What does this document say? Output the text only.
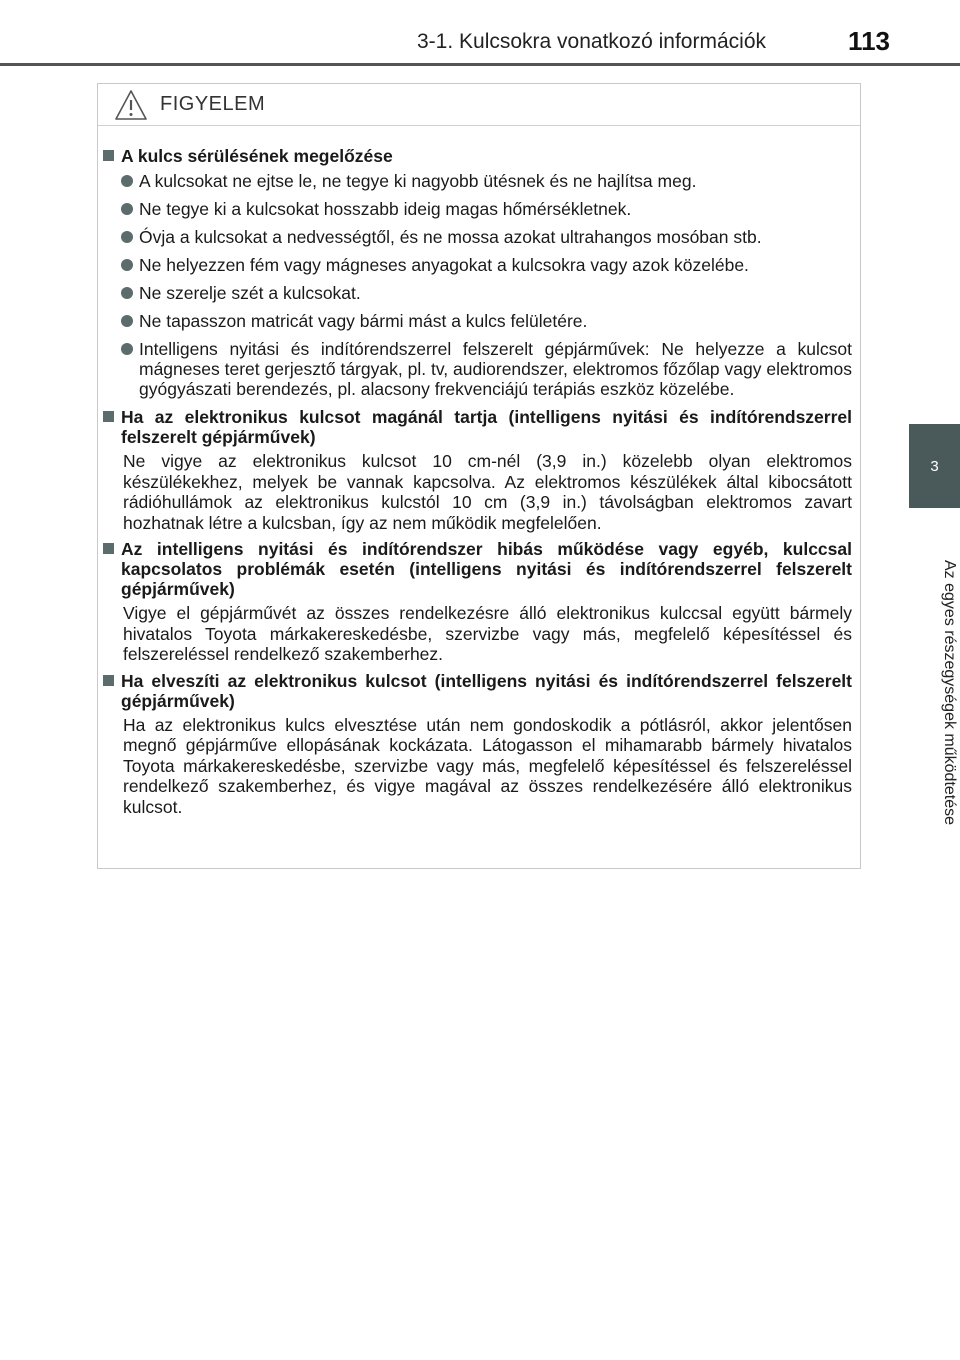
3-1. Kulcsokra vonatkozó információk	113
3
Az egyes részegységek működtetése
FIGYELEM
A kulcs sérülésének megelőzése
A kulcsokat ne ejtse le, ne tegye ki nagyobb ütésnek és ne hajlítsa meg.
Ne tegye ki a kulcsokat hosszabb ideig magas hőmérsékletnek.
Óvja a kulcsokat a nedvességtől, és ne mossa azokat ultrahangos mosóban stb.
Ne helyezzen fém vagy mágneses anyagokat a kulcsokra vagy azok közelébe.
Ne szerelje szét a kulcsokat.
Ne tapasszon matricát vagy bármi mást a kulcs felületére.
Intelligens nyitási és indítórendszerrel felszerelt gépjárművek: Ne helyezze a kulcsot mágneses teret gerjesztő tárgyak, pl. tv, audiorendszer, elektromos főzőlap vagy elektromos gyógyászati berendezés, pl. alacsony frekvenciájú terápiás eszköz közelébe.
Ha az elektronikus kulcsot magánál tartja (intelligens nyitási és indítórendszerrel felszerelt gépjárművek)
Ne vigye az elektronikus kulcsot 10 cm-nél (3,9 in.) közelebb olyan elektromos készülékekhez, melyek be vannak kapcsolva. Az elektromos készülékek által kibocsátott rádióhullámok az elektronikus kulcstól 10 cm (3,9 in.) távolságban elektromos zavart hozhatnak létre a kulcsban, így az nem működik megfelelően.
Az intelligens nyitási és indítórendszer hibás működése vagy egyéb, kulccsal kapcsolatos problémák esetén (intelligens nyitási és indítórendszerrel felszerelt gépjárművek)
Vigye el gépjárművét az összes rendelkezésre álló elektronikus kulccsal együtt bármely hivatalos Toyota márkakereskedésbe, szervizbe vagy más, megfelelő képesítéssel és felszereléssel rendelkező szakemberhez.
Ha elveszíti az elektronikus kulcsot (intelligens nyitási és indítórendszerrel felszerelt gépjárművek)
Ha az elektronikus kulcs elvesztése után nem gondoskodik a pótlásról, akkor jelentősen megnő gépjárműve ellopásának kockázata. Látogasson el mihamarabb bármely hivatalos Toyota márkakereskedésbe, szervizbe vagy más, megfelelő képesítéssel és felszereléssel rendelkező szakemberhez, és vigye magával az összes rendelkezésére álló elektronikus kulcsot.
